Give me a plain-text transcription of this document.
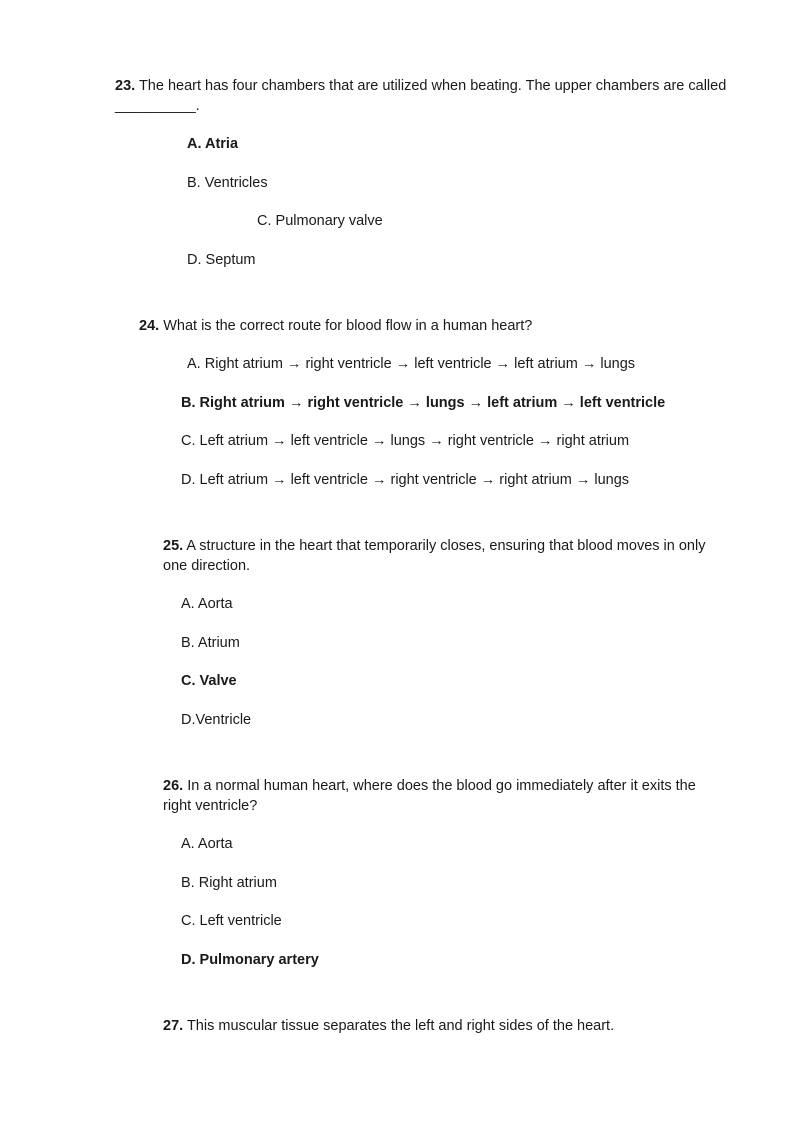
23. The heart has four chambers that are utilized when beating. The upper chambers are called

__________.

A. Atria

B. Ventricles

C. Pulmonary valve

D. Septum

24. What is the correct route for blood flow in a human heart?

A. Right atrium → right ventricle → left ventricle → left atrium → lungs

B. Right atrium → right ventricle → lungs → left atrium → left ventricle

C. Left atrium → left ventricle → lungs → right ventricle → right atrium

D. Left atrium → left ventricle → right ventricle → right atrium → lungs

25. A structure in the heart that temporarily closes, ensuring that blood moves in only

one direction.

A. Aorta

B. Atrium

C. Valve

D.Ventricle

26. In a normal human heart, where does the blood go immediately after it exits the

right ventricle?

A. Aorta

B. Right atrium

C. Left ventricle

D. Pulmonary artery

27. This muscular tissue separates the left and right sides of the heart.
